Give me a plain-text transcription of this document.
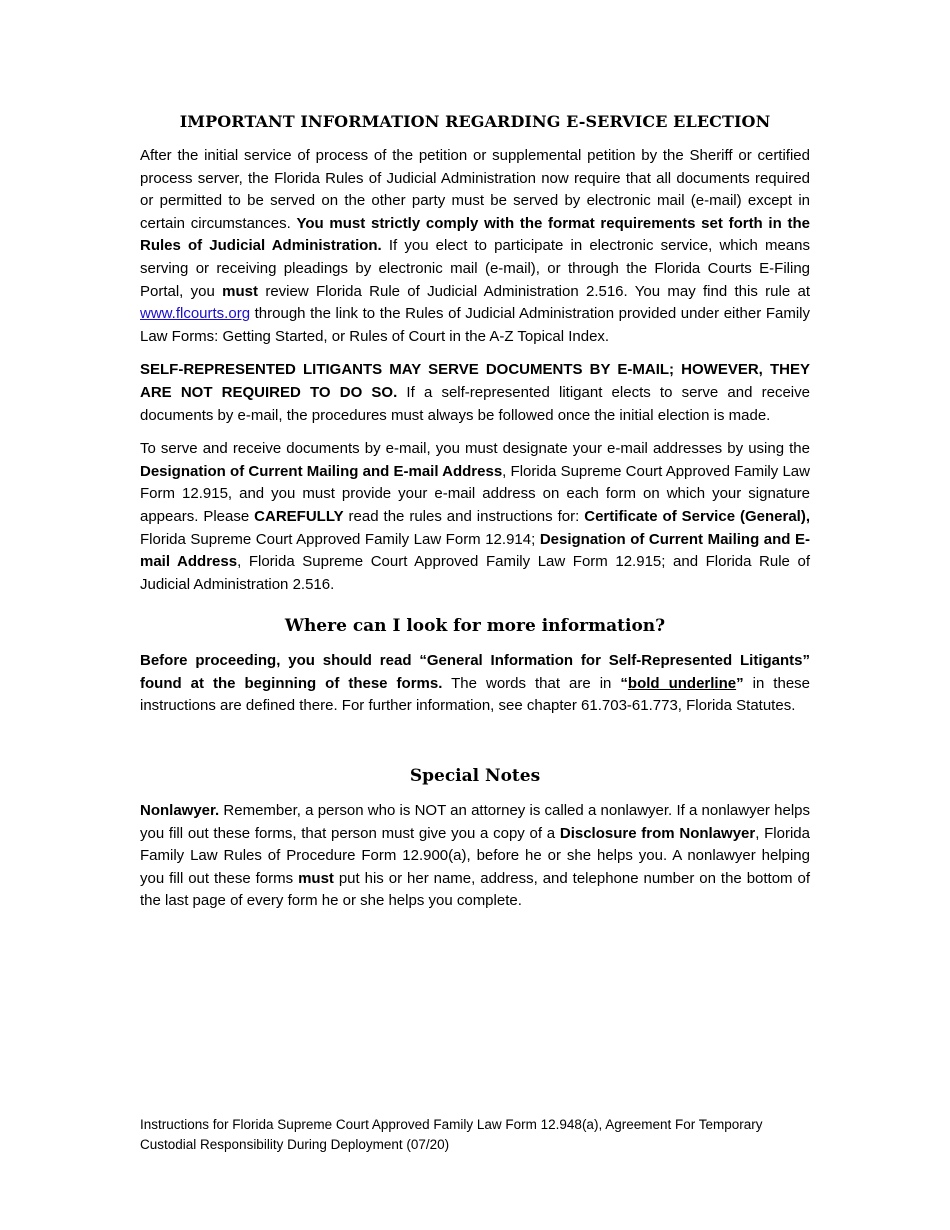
IMPORTANT INFORMATION REGARDING E-SERVICE ELECTION

After the initial service of process of the petition or supplemental petition by the Sheriff or certified process server, the Florida Rules of Judicial Administration now require that all documents required or permitted to be served on the other party must be served by electronic mail (e-mail) except in certain circumstances. You must strictly comply with the format requirements set forth in the Rules of Judicial Administration. If you elect to participate in electronic service, which means serving or receiving pleadings by electronic mail (e-mail), or through the Florida Courts E-Filing Portal, you must review Florida Rule of Judicial Administration 2.516. You may find this rule at www.flcourts.org through the link to the Rules of Judicial Administration provided under either Family Law Forms: Getting Started, or Rules of Court in the A-Z Topical Index.

SELF-REPRESENTED LITIGANTS MAY SERVE DOCUMENTS BY E-MAIL; HOWEVER, THEY ARE NOT REQUIRED TO DO SO. If a self-represented litigant elects to serve and receive documents by e-mail, the procedures must always be followed once the initial election is made.

To serve and receive documents by e-mail, you must designate your e-mail addresses by using the Designation of Current Mailing and E-mail Address, Florida Supreme Court Approved Family Law Form 12.915, and you must provide your e-mail address on each form on which your signature appears. Please CAREFULLY read the rules and instructions for: Certificate of Service (General), Florida Supreme Court Approved Family Law Form 12.914; Designation of Current Mailing and E-mail Address, Florida Supreme Court Approved Family Law Form 12.915; and Florida Rule of Judicial Administration 2.516.

Where can I look for more information?

Before proceeding, you should read “General Information for Self-Represented Litigants” found at the beginning of these forms. The words that are in “bold underline” in these instructions are defined there. For further information, see chapter 61.703-61.773, Florida Statutes.

Special Notes

Nonlawyer. Remember, a person who is NOT an attorney is called a nonlawyer. If a nonlawyer helps you fill out these forms, that person must give you a copy of a Disclosure from Nonlawyer, Florida Family Law Rules of Procedure Form 12.900(a), before he or she helps you. A nonlawyer helping you fill out these forms must put his or her name, address, and telephone number on the bottom of the last page of every form he or she helps you complete.

Instructions for Florida Supreme Court Approved Family Law Form 12.948(a), Agreement For Temporary
Custodial Responsibility During Deployment (07/20)
